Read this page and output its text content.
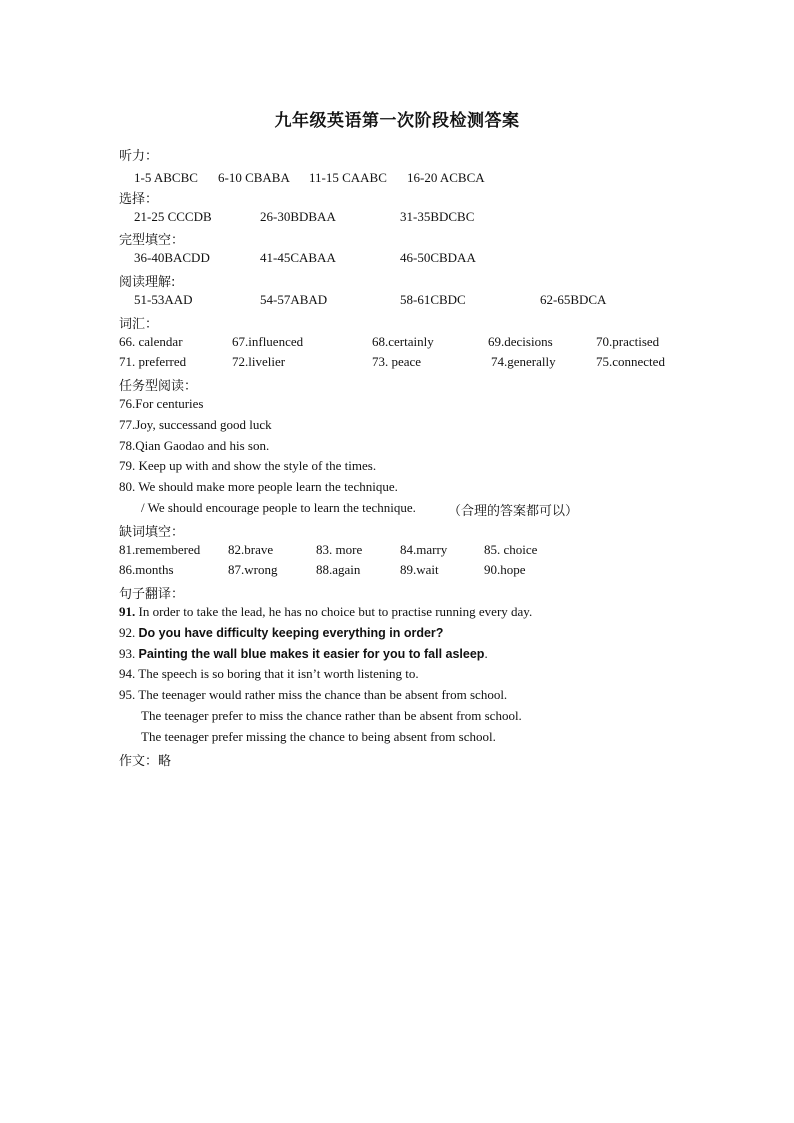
九年级英语第一次阶段检测答案
听力：
1-5 ABCBC 6-10 CBABA 11-15 CAABC 16-20 ACBCA
选择：
21-25 CCCDB	26-30BDBAA	31-35BDCBC
完型填空：
36-40BACDD	41-45CABAA	46-50CBDAA
阅读理解:
51-53AAD	54-57ABAD	58-61CBDC	62-65BDCA
词汇：
66. calendar	67.influenced	68.certainly	69.decisions	70.practised
71. preferred	72.livelier	73. peace	74.generally	75.connected
任务型阅读：
76.For centuries
77.Joy, successand good luck
78.Qian Gaodao and his son.
79. Keep up with and show the style of the times.
80. We should make more people learn the technique.
/ We should encourage people to learn the technique. （合理的答案都可以）
缺词填空：
81.remembered 82.brave	83. more	84.marry	85. choice
86.months	87.wrong	88.again	89.wait	90.hope
句子翻译：
91. In order to take the lead, he has no choice but to practise running every day.
92. Do you have difficulty keeping everything in order?
93. Painting the wall blue makes it easier for you to fall asleep.
94. The speech is so boring that it isn’t worth listening to.
95. The teenager would rather miss the chance than be absent from school.
The teenager prefer to miss the chance rather than be absent from school.
The teenager prefer missing the chance to being absent from school.
作文：略
